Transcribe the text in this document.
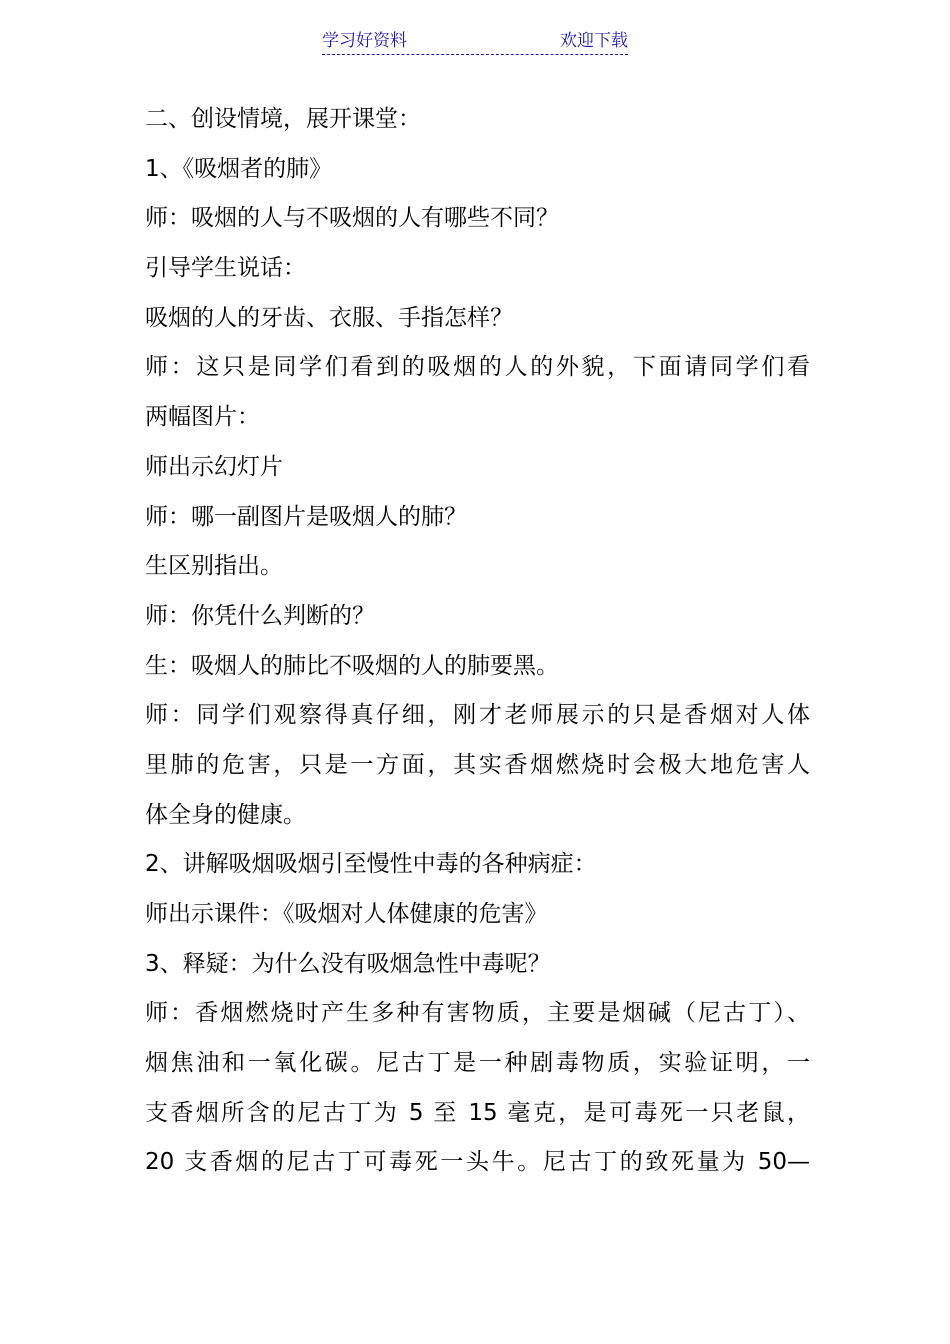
学习好资料	欢迎下载
二、创设情境，展开课堂：
1、《吸烟者的肺》
师：吸烟的人与不吸烟的人有哪些不同？
引导学生说话：
吸烟的人的牙齿、衣服、手指怎样？
师：这只是同学们看到的吸烟的人的外貌，下面请同学们看
两幅图片：
师出示幻灯片
师：哪一副图片是吸烟人的肺？
生区别指出。
师：你凭什么判断的？
生：吸烟人的肺比不吸烟的人的肺要黑。
师：同学们观察得真仔细，刚才老师展示的只是香烟对人体
里肺的危害，只是一方面，其实香烟燃烧时会极大地危害人
体全身的健康。
2、讲解吸烟吸烟引至慢性中毒的各种病症：
师出示课件：《吸烟对人体健康的危害》
3、释疑：为什么没有吸烟急性中毒呢？
师：香烟燃烧时产生多种有害物质，主要是烟碱（尼古丁）、
烟焦油和一氧化碳。尼古丁是一种剧毒物质，实验证明，一
支香烟所含的尼古丁为 5 至 15 毫克，是可毒死一只老鼠，
20 支香烟的尼古丁可毒死一头牛。尼古丁的致死量为 50—
